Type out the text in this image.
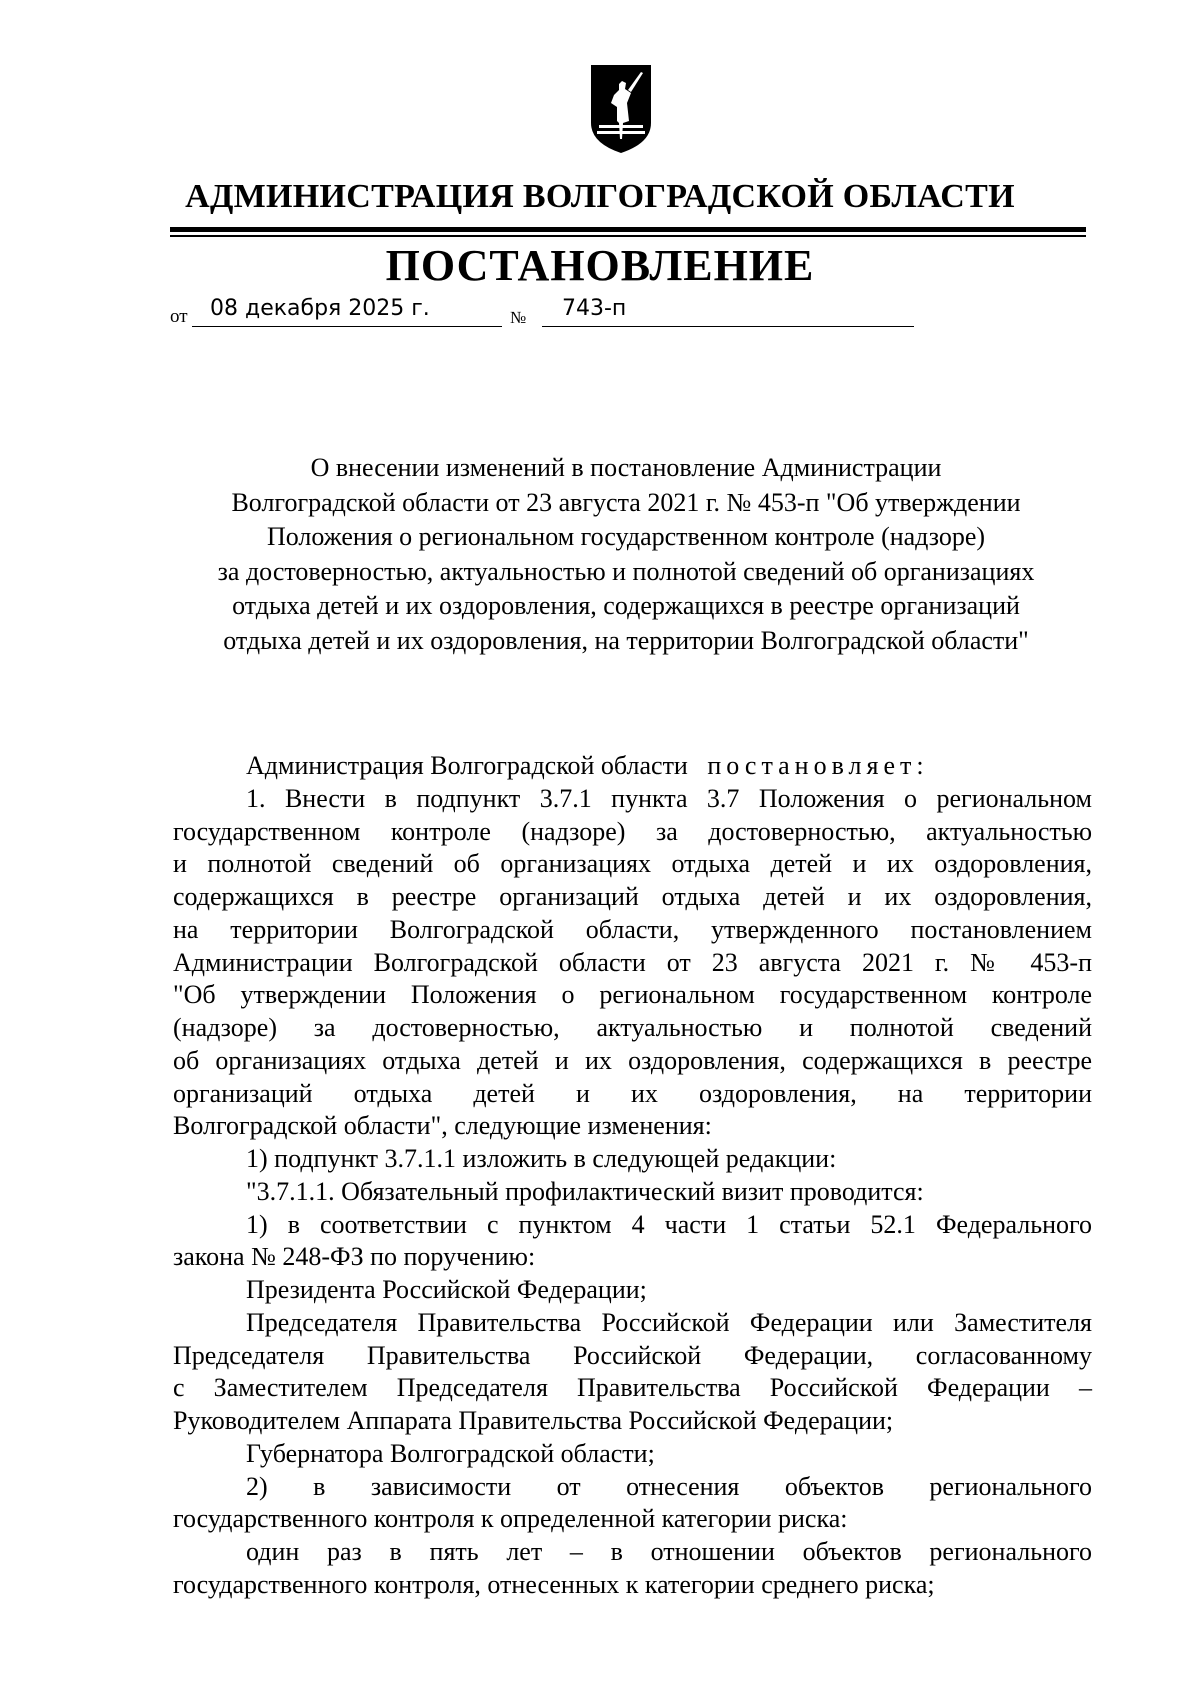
АДМИНИСТРАЦИЯ ВОЛГОГРАДСКОЙ ОБЛАСТИ
ПОСТАНОВЛЕНИЕ
от 08 декабря 2025 г.	№ 743-п
О внесении изменений в постановление Администрации
Волгоградской области от 23 августа 2021 г. № 453-п "Об утверждении
Положения о региональном государственном контроле (надзоре)
за достоверностью, актуальностью и полнотой сведений об организациях
отдыха детей и их оздоровления, содержащихся в реестре организаций
отдыха детей и их оздоровления, на территории Волгоградской области"
Администрация Волгоградской области постановляет:
1. Внести в подпункт 3.7.1 пункта 3.7 Положения о региональном
государственном контроле (надзоре) за достоверностью, актуальностью
и полнотой сведений об организациях отдыха детей и их оздоровления,
содержащихся в реестре организаций отдыха детей и их оздоровления,
на территории Волгоградской области, утвержденного постановлением
Администрации Волгоградской области от 23 августа 2021 г. № 453-п
"Об утверждении Положения о региональном государственном контроле
(надзоре) за достоверностью, актуальностью и полнотой сведений
об организациях отдыха детей и их оздоровления, содержащихся в реестре
организаций отдыха детей и их оздоровления, на территории
Волгоградской области", следующие изменения:
1) подпункт 3.7.1.1 изложить в следующей редакции:
"3.7.1.1. Обязательный профилактический визит проводится:
1) в соответствии с пунктом 4 части 1 статьи 52.1 Федерального
закона № 248-ФЗ по поручению:
Президента Российской Федерации;
Председателя Правительства Российской Федерации или Заместителя
Председателя Правительства Российской Федерации, согласованному
с Заместителем Председателя Правительства Российской Федерации –
Руководителем Аппарата Правительства Российской Федерации;
Губернатора Волгоградской области;
2) в зависимости от отнесения объектов регионального
государственного контроля к определенной категории риска:
один раз в пять лет – в отношении объектов регионального
государственного контроля, отнесенных к категории среднего риска;
